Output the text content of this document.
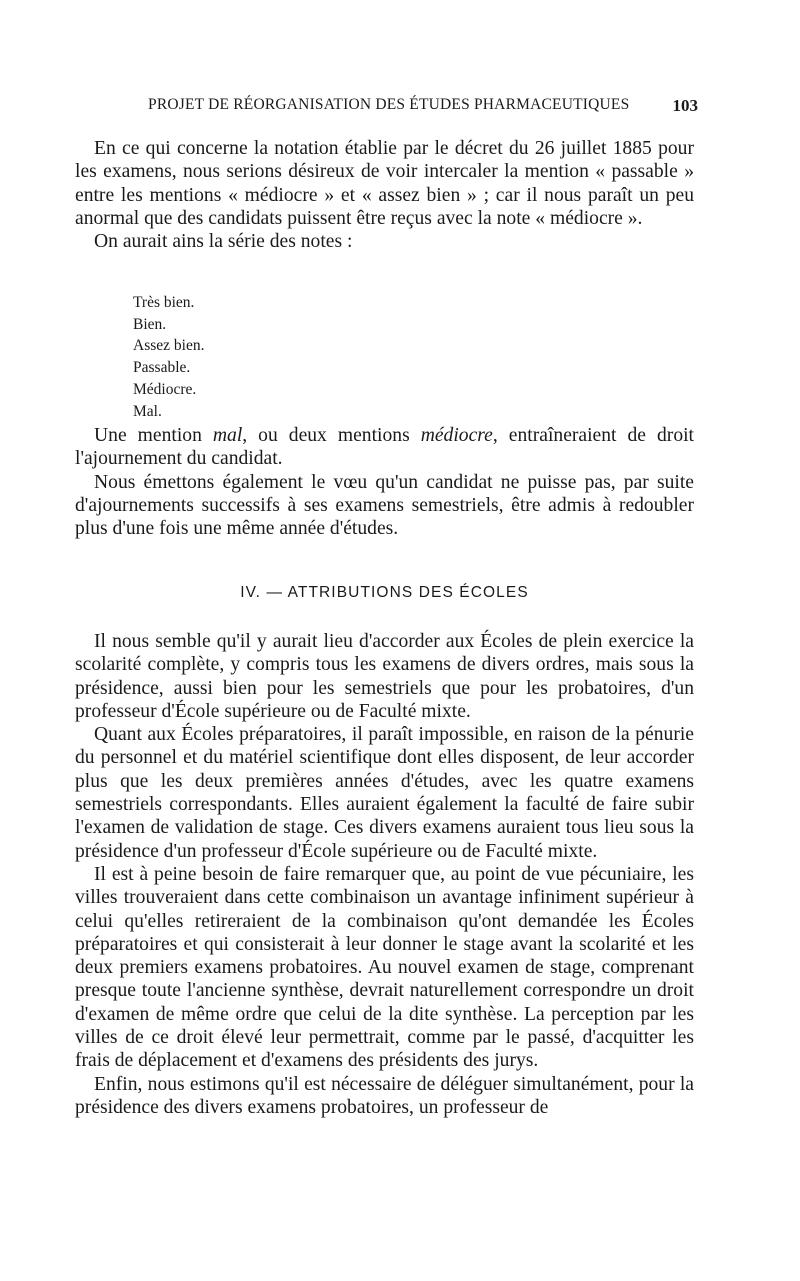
PROJET DE RÉORGANISATION DES ÉTUDES PHARMACEUTIQUES	103

En ce qui concerne la notation établie par le décret du 26 juillet 1885 pour les examens, nous serions désireux de voir intercaler la mention « passable » entre les mentions « médiocre » et « assez bien » ; car il nous paraît un peu anormal que des candidats puissent être reçus avec la note « médiocre ».

On aurait ains la série des notes :

Très bien.
Bien.
Assez bien.
Passable.
Médiocre.
Mal.

Une mention mal, ou deux mentions médiocre, entraîneraient de droit l'ajournement du candidat.

Nous émettons également le vœu qu'un candidat ne puisse pas, par suite d'ajournements successifs à ses examens semestriels, être admis à redoubler plus d'une fois une même année d'études.

IV. — ATTRIBUTIONS DES ÉCOLES

Il nous semble qu'il y aurait lieu d'accorder aux Écoles de plein exercice la scolarité complète, y compris tous les examens de divers ordres, mais sous la présidence, aussi bien pour les semestriels que pour les probatoires, d'un professeur d'École supérieure ou de Faculté mixte.

Quant aux Écoles préparatoires, il paraît impossible, en raison de la pénurie du personnel et du matériel scientifique dont elles disposent, de leur accorder plus que les deux premières années d'études, avec les quatre examens semestriels correspondants. Elles auraient également la faculté de faire subir l'examen de validation de stage. Ces divers examens auraient tous lieu sous la présidence d'un professeur d'École supérieure ou de Faculté mixte.

Il est à peine besoin de faire remarquer que, au point de vue pécuniaire, les villes trouveraient dans cette combinaison un avantage infiniment supérieur à celui qu'elles retireraient de la combinaison qu'ont demandée les Écoles préparatoires et qui consisterait à leur donner le stage avant la scolarité et les deux premiers examens probatoires. Au nouvel examen de stage, comprenant presque toute l'ancienne synthèse, devrait naturellement correspondre un droit d'examen de même ordre que celui de la dite synthèse. La perception par les villes de ce droit élevé leur permettrait, comme par le passé, d'acquitter les frais de déplacement et d'examens des présidents des jurys.

Enfin, nous estimons qu'il est nécessaire de déléguer simultanément, pour la présidence des divers examens probatoires, un professeur de
